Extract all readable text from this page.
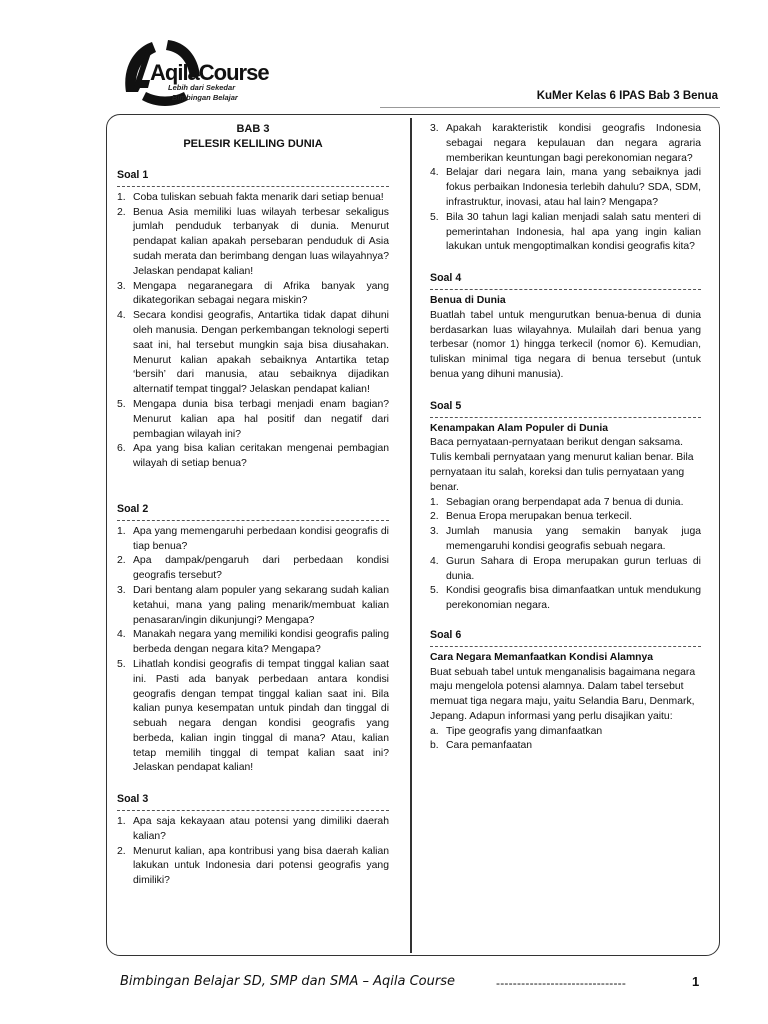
AqilaCourse
Lebih dari Sekedar
Bimbingan Belajar	KuMer Kelas 6 IPAS Bab 3 Benua
BAB 3
PELESIR KELILING DUNIA
Soal 1
1. Coba tuliskan sebuah fakta menarik dari setiap benua!
2. Benua Asia memiliki luas wilayah terbesar sekaligus jumlah penduduk terbanyak di dunia. Menurut pendapat kalian apakah persebaran penduduk di Asia sudah merata dan berimbang dengan luas wilayahnya? Jelaskan pendapat kalian!
3. Mengapa negaranegara di Afrika banyak yang dikategorikan sebagai negara miskin?
4. Secara kondisi geografis, Antartika tidak dapat dihuni oleh manusia. Dengan perkembangan teknologi seperti saat ini, hal tersebut mungkin saja bisa diusahakan. Menurut kalian apakah sebaiknya Antartika tetap ‘bersih’ dari manusia, atau sebaiknya dijadikan alternatif tempat tinggal? Jelaskan pendapat kalian!
5. Mengapa dunia bisa terbagi menjadi enam bagian? Menurut kalian apa hal positif dan negatif dari pembagian wilayah ini?
6. Apa yang bisa kalian ceritakan mengenai pembagian wilayah di setiap benua?
Soal 2
1. Apa yang memengaruhi perbedaan kondisi geografis di tiap benua?
2. Apa dampak/pengaruh dari perbedaan kondisi geografis tersebut?
3. Dari bentang alam populer yang sekarang sudah kalian ketahui, mana yang paling menarik/membuat kalian penasaran/ingin dikunjungi? Mengapa?
4. Manakah negara yang memiliki kondisi geografis paling berbeda dengan negara kita? Mengapa?
5. Lihatlah kondisi geografis di tempat tinggal kalian saat ini. Pasti ada banyak perbedaan antara kondisi geografis dengan tempat tinggal kalian saat ini. Bila kalian punya kesempatan untuk pindah dan tinggal di sebuah negara dengan kondisi geografis yang berbeda, kalian ingin tinggal di mana? Atau, kalian tetap memilih tinggal di tempat kalian saat ini? Jelaskan pendapat kalian!
Soal 3
1. Apa saja kekayaan atau potensi yang dimiliki daerah kalian?
2. Menurut kalian, apa kontribusi yang bisa daerah kalian lakukan untuk Indonesia dari potensi geografis yang dimiliki?
3. Apakah karakteristik kondisi geografis Indonesia sebagai negara kepulauan dan negara agraria memberikan keuntungan bagi perekonomian negara?
4. Belajar dari negara lain, mana yang sebaiknya jadi fokus perbaikan Indonesia terlebih dahulu? SDA, SDM, infrastruktur, inovasi, atau hal lain? Mengapa?
5. Bila 30 tahun lagi kalian menjadi salah satu menteri di pemerintahan Indonesia, hal apa yang ingin kalian lakukan untuk mengoptimalkan kondisi geografis kita?
Soal 4
Benua di Dunia
Buatlah tabel untuk mengurutkan benua-benua di dunia berdasarkan luas wilayahnya. Mulailah dari benua yang terbesar (nomor 1) hingga terkecil (nomor 6). Kemudian, tuliskan minimal tiga negara di benua tersebut (untuk benua yang dihuni manusia).
Soal 5
Kenampakan Alam Populer di Dunia
Baca pernyataan-pernyataan berikut dengan saksama. Tulis kembali pernyataan yang menurut kalian benar. Bila pernyataan itu salah, koreksi dan tulis pernyataan yang benar.
1. Sebagian orang berpendapat ada 7 benua di dunia.
2. Benua Eropa merupakan benua terkecil.
3. Jumlah manusia yang semakin banyak juga memengaruhi kondisi geografis sebuah negara.
4. Gurun Sahara di Eropa merupakan gurun terluas di dunia.
5. Kondisi geografis bisa dimanfaatkan untuk mendukung perekonomian negara.
Soal 6
Cara Negara Memanfaatkan Kondisi Alamnya
Buat sebuah tabel untuk menganalisis bagaimana negara maju mengelola potensi alamnya. Dalam tabel tersebut memuat tiga negara maju, yaitu Selandia Baru, Denmark, Jepang. Adapun informasi yang perlu disajikan yaitu:
a. Tipe geografis yang dimanfaatkan
b. Cara pemanfaatan
Bimbingan Belajar SD, SMP dan SMA – Aqila Course	-------------------------------	1
